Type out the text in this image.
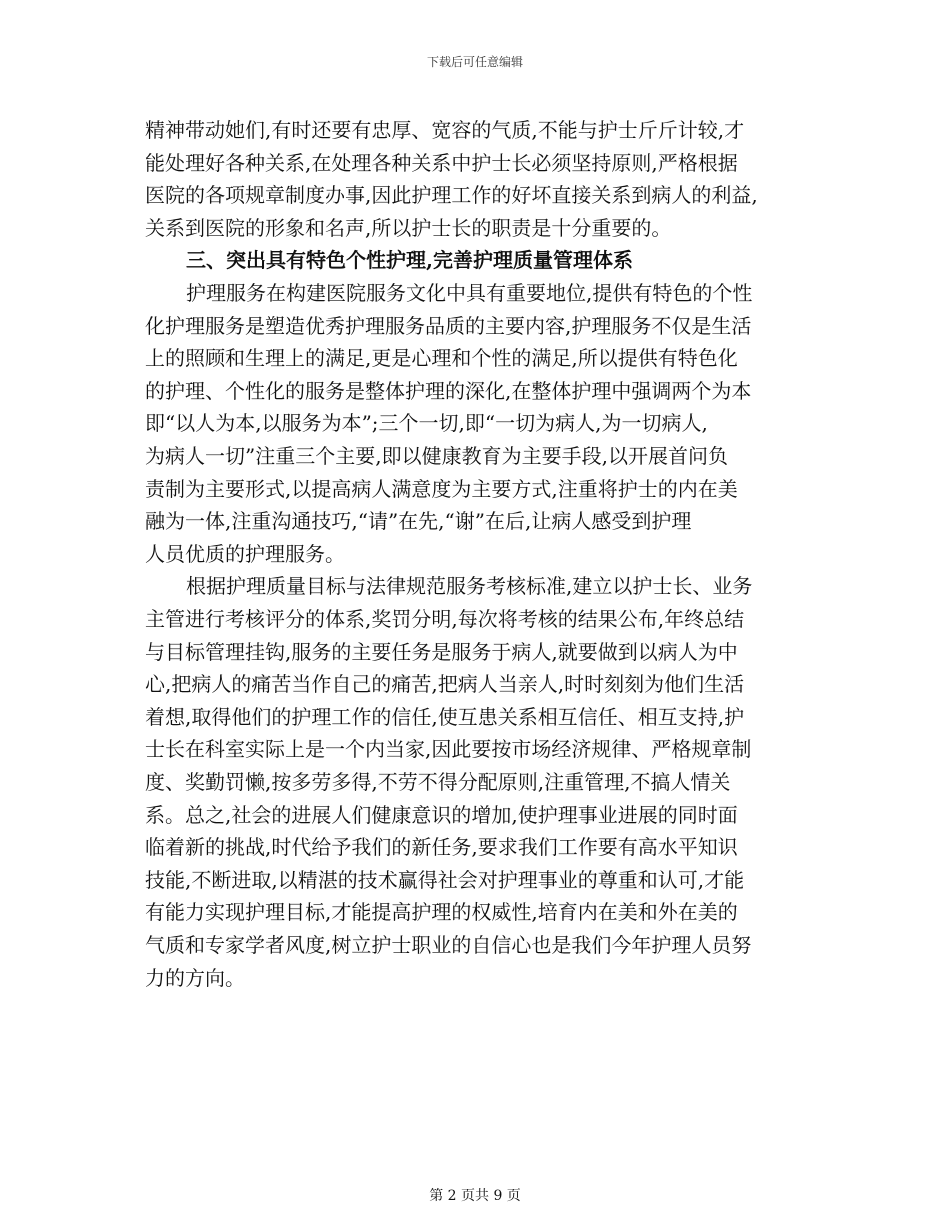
下载后可任意编辑
精神带动她们,有时还要有忠厚、宽容的气质,不能与护士斤斤计较,才
能处理好各种关系,在处理各种关系中护士长必须坚持原则,严格根据
医院的各项规章制度办事,因此护理工作的好坏直接关系到病人的利益,
关系到医院的形象和名声,所以护士长的职责是十分重要的。
三、突出具有特色个性护理,完善护理质量管理体系
护理服务在构建医院服务文化中具有重要地位,提供有特色的个性
化护理服务是塑造优秀护理服务品质的主要内容,护理服务不仅是生活
上的照顾和生理上的满足,更是心理和个性的满足,所以提供有特色化
的护理、个性化的服务是整体护理的深化,在整体护理中强调两个为本
即“以人为本,以服务为本”;三个一切,即“一切为病人,为一切病人,
为病人一切”注重三个主要,即以健康教育为主要手段,以开展首问负
责制为主要形式,以提高病人满意度为主要方式,注重将护士的内在美
融为一体,注重沟通技巧,“请”在先,“谢”在后,让病人感受到护理
人员优质的护理服务。
根据护理质量目标与法律规范服务考核标准,建立以护士长、业务
主管进行考核评分的体系,奖罚分明,每次将考核的结果公布,年终总结
与目标管理挂钩,服务的主要任务是服务于病人,就要做到以病人为中
心,把病人的痛苦当作自己的痛苦,把病人当亲人,时时刻刻为他们生活
着想,取得他们的护理工作的信任,使互患关系相互信任、相互支持,护
士长在科室实际上是一个内当家,因此要按市场经济规律、严格规章制
度、奖勤罚懒,按多劳多得,不劳不得分配原则,注重管理,不搞人情关
系。总之,社会的进展人们健康意识的增加,使护理事业进展的同时面
临着新的挑战,时代给予我们的新任务,要求我们工作要有高水平知识
技能,不断进取,以精湛的技术赢得社会对护理事业的尊重和认可,才能
有能力实现护理目标,才能提高护理的权威性,培育内在美和外在美的
气质和专家学者风度,树立护士职业的自信心也是我们今年护理人员努
力的方向。
第 2 页共 9 页
